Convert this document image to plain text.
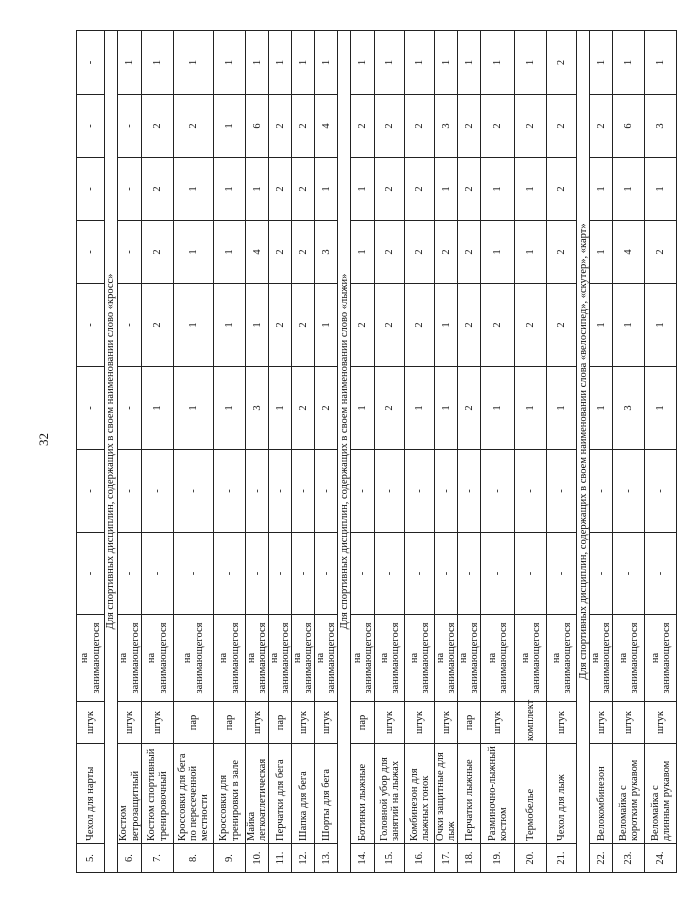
32
5.	Чехол для нарты	штук	на занимающегося	-	-	-	-	-	-	-	-
Для спортивных дисциплин, содержащих в своем наименовании слово «кросс»											
6.	Костюм ветрозащитный	штук	на занимающегося	-	-	-	-	-	-	-	1
7.	Костюм спортивный тренировочный	штук	на занимающегося	-	-	1	2	2	2	2	1
8.	Кроссовки для бега по пересеченной местности	пар	на занимающегося	-	-	1	1	1	1	2	1
9.	Кроссовки для тренировки в зале	пар	на занимающегося	-	-	1	1	1	1	1	1
10.	Майка легкоатлетическая	штук	на занимающегося	-	-	3	1	4	1	6	1
11.	Перчатки для бега	пар	на занимающегося	-	-	1	2	2	2	2	1
12.	Шапка для бега	штук	на занимающегося	-	-	2	2	2	2	2	1
13.	Шорты для бега	штук	на занимающегося	-	-	2	1	3	1	4	1
Для спортивных дисциплин, содержащих в своем наименовании слово «лыжи»											
14.	Ботинки лыжные	пар	на занимающегося	-	-	1	2	1	1	2	1
15.	Головной убор для занятий на лыжах	штук	на занимающегося	-	-	2	2	2	2	2	1
16.	Комбинезон для лыжных гонок	штук	на занимающегося	-	-	1	2	2	2	2	1
17.	Очки защитные для лыж	штук	на занимающегося	-	-	1	1	2	1	3	1
18.	Перчатки лыжные	пар	на занимающегося	-	-	2	2	2	2	2	1
19.	Разминочно-лыжный костюм	штук	на занимающегося	-	-	1	2	1	1	2	1
20.	Термобелье	комплект	на занимающегося	-	-	1	2	1	1	2	1
21.	Чехол для лыж	штук	на занимающегося	-	-	1	2	2	2	2	2
Для спортивных дисциплин, содержащих в своем наименовании слова «велосипед», «скутер», «карт»											
22.	Велокомбинезон	штук	на занимающегося	-	-	1	1	1	1	2	1
23.	Веломайка с коротким рукавом	штук	на занимающегося	-	-	3	1	4	1	6	1
24.	Веломайка с длинным рукавом	штук	на занимающегося	-	-	1	1	2	1	3	1
